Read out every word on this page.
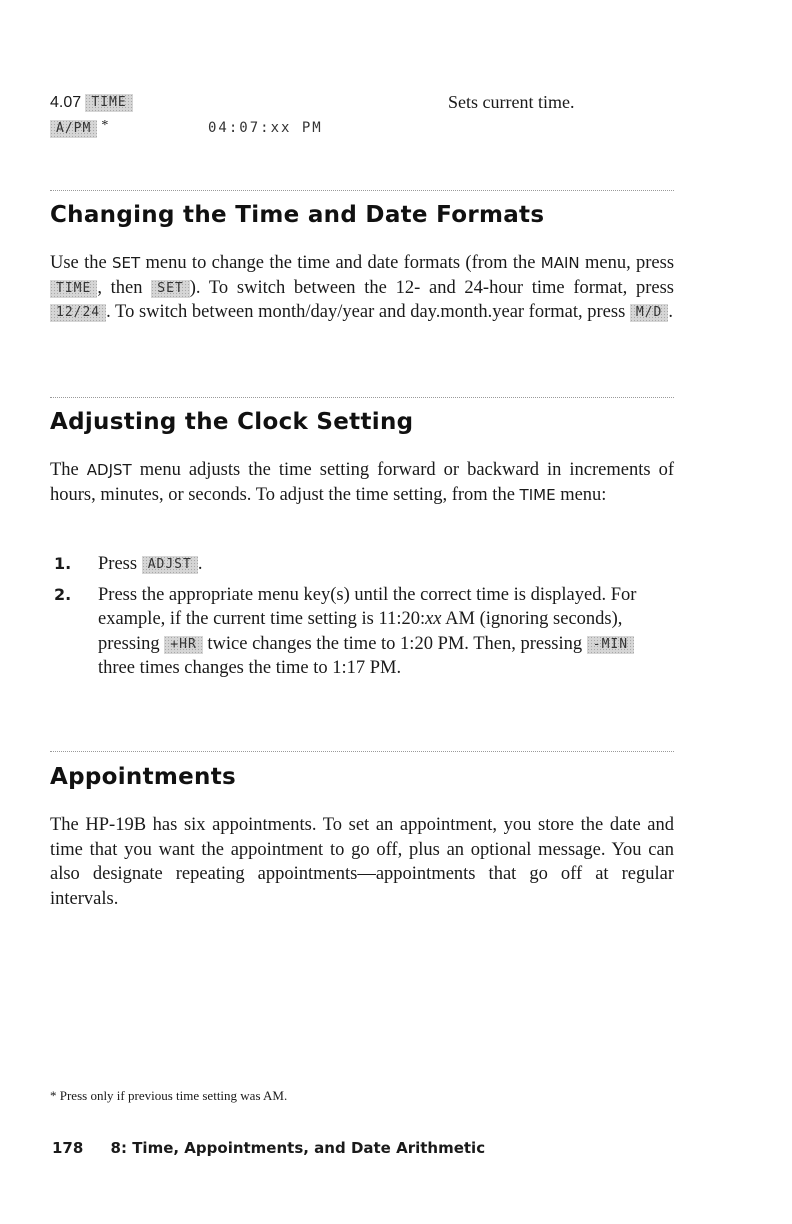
4.07 TIME
A/PM *	04:07:xx PM
Sets current time.
Changing the Time and Date Formats

Use the SET menu to change the time and date formats (from the MAIN menu, press TIME , then SET ). To switch between the 12- and 24-hour time format, press 12/24 . To switch between month/day/year and day.month.year format, press M/D .

Adjusting the Clock Setting

The ADJST menu adjusts the time setting forward or backward in increments of hours, minutes, or seconds. To adjust the time setting, from the TIME menu:

1. Press ADJST .
2. Press the appropriate menu key(s) until the correct time is displayed. For example, if the current time setting is 11:20:xx AM (ignoring seconds), pressing +HR twice changes the time to 1:20 PM. Then, pressing -MIN three times changes the time to 1:17 PM.
Appointments

The HP-19B has six appointments. To set an appointment, you store the date and time that you want the appointment to go off, plus an optional message. You can also designate repeating appointments—appointments that go off at regular intervals.

* Press only if previous time setting was AM.
178 8: Time, Appointments, and Date Arithmetic
